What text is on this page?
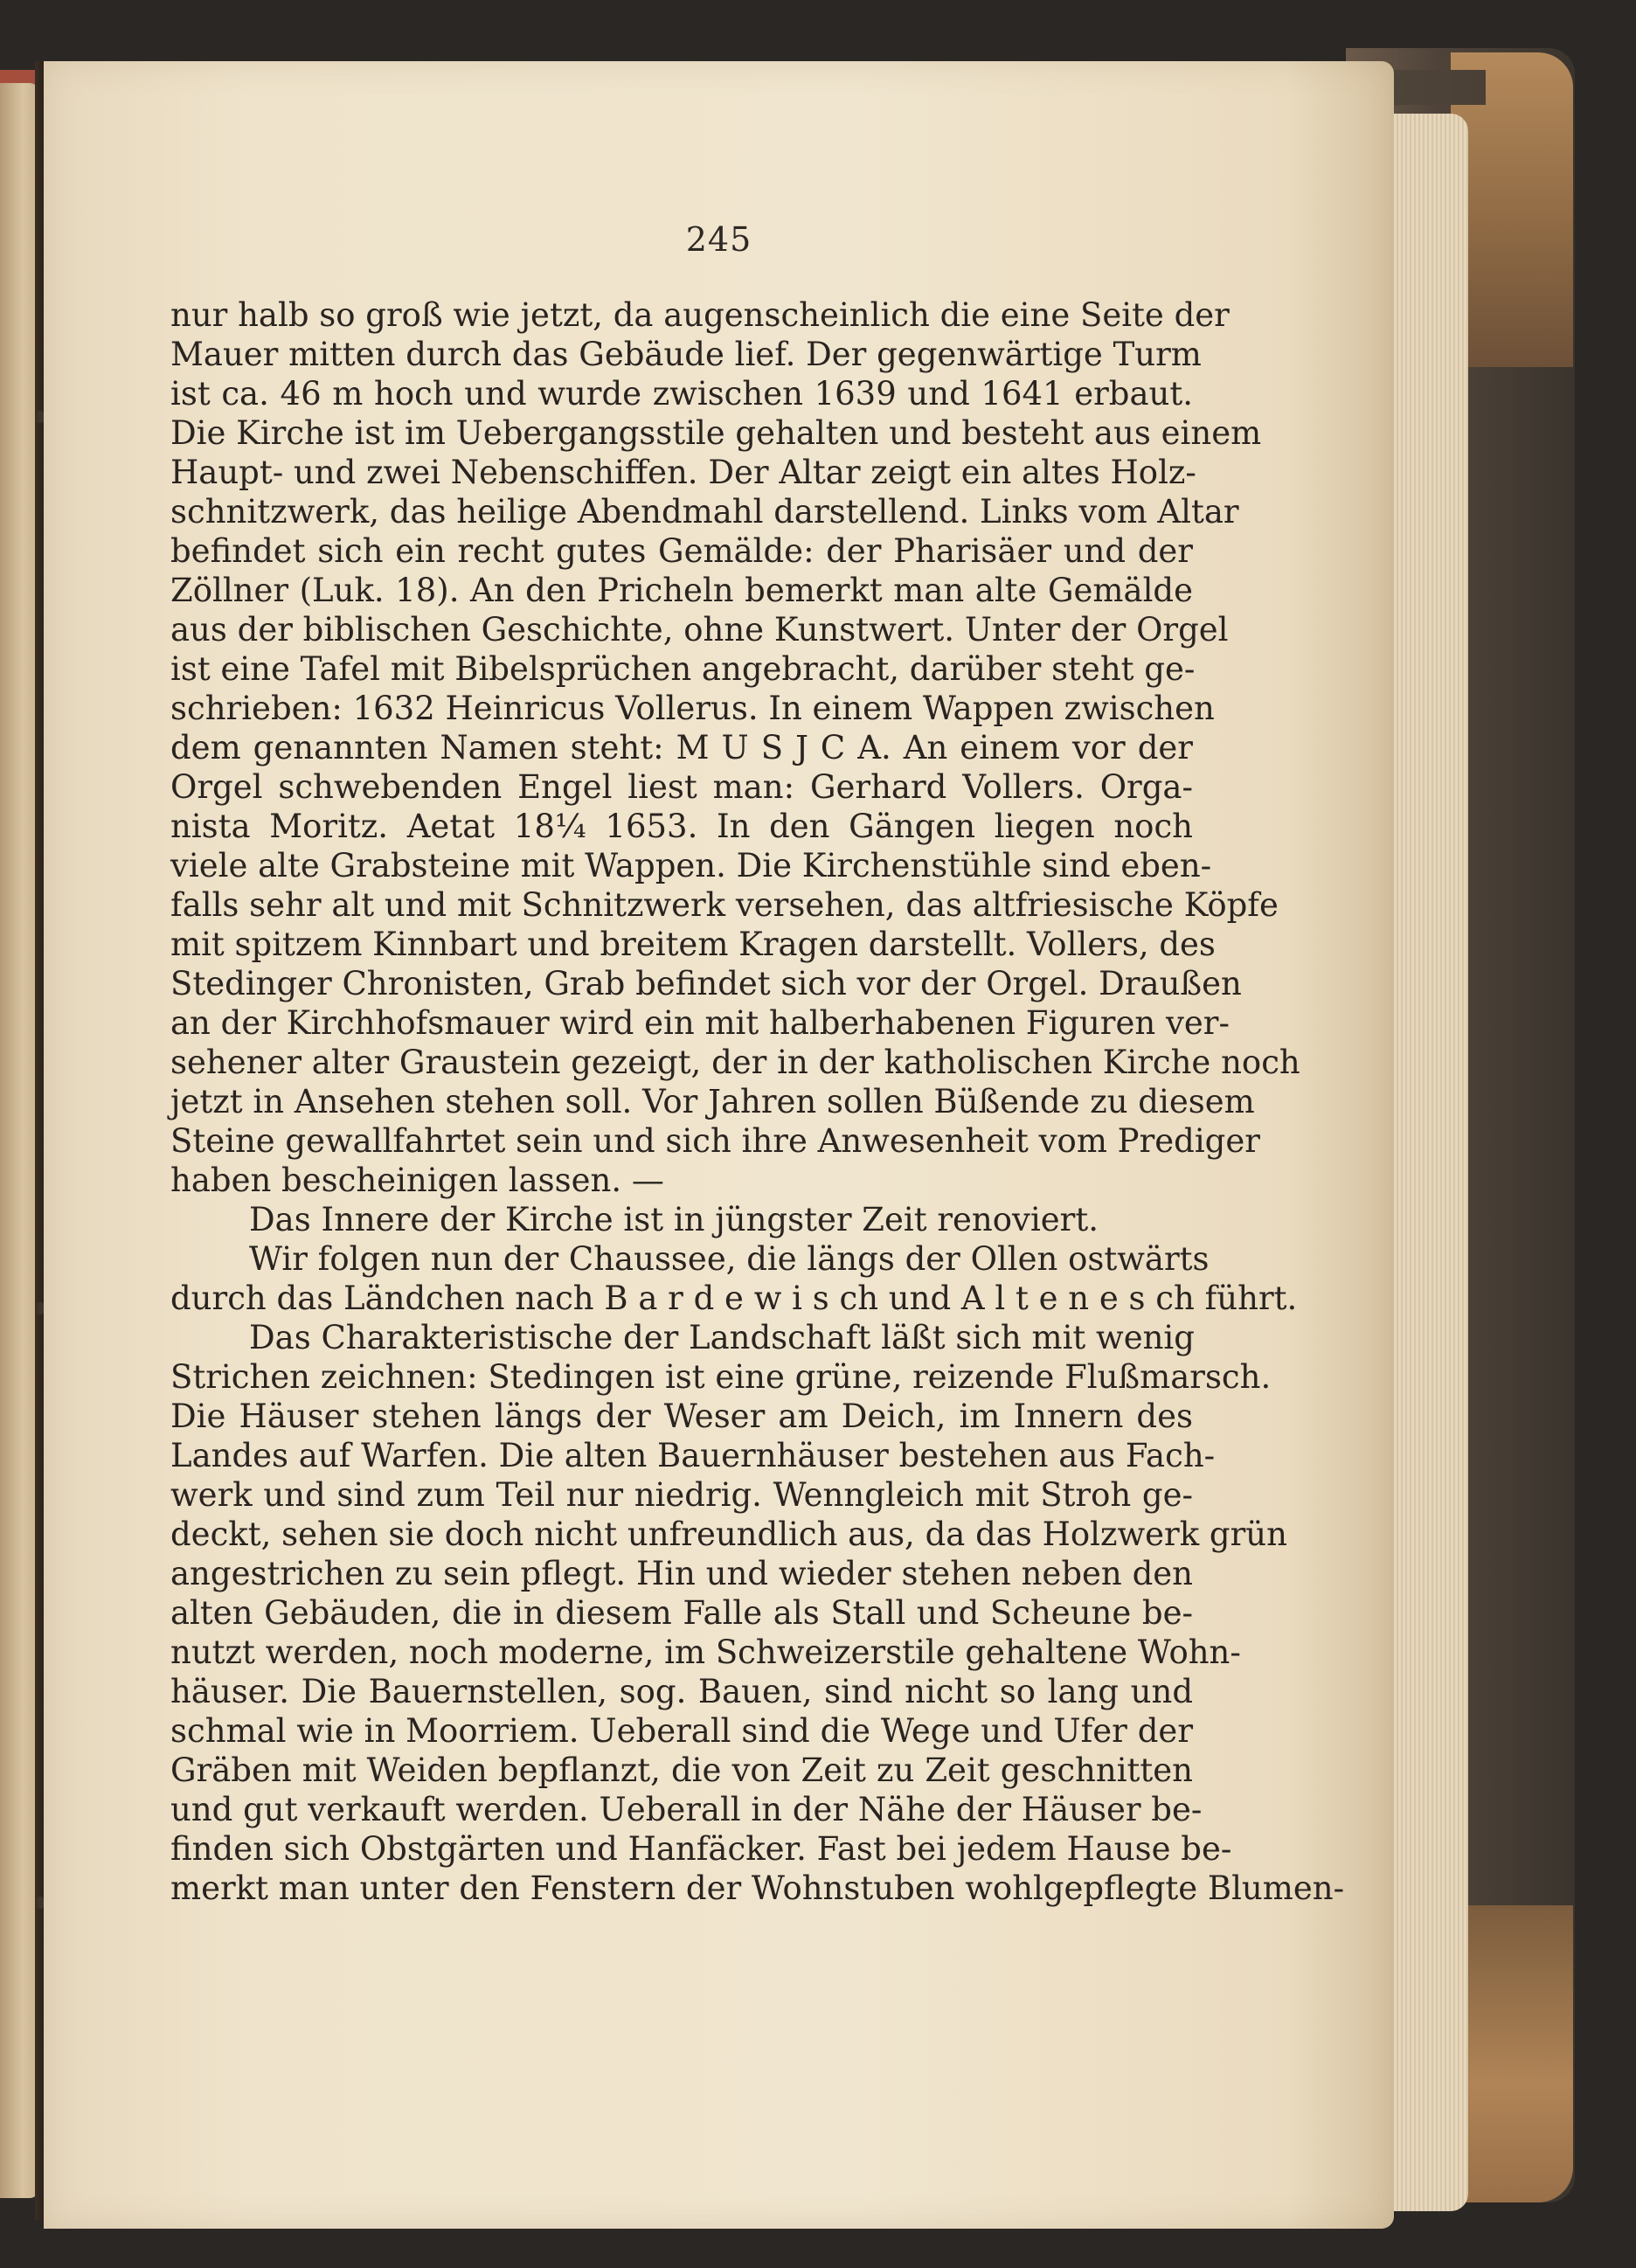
245
nur halb so groß wie jetzt, da augenscheinlich die eine Seite der
Mauer mitten durch das Gebäude lief. Der gegenwärtige Turm
ist ca. 46 m hoch und wurde zwischen 1639 und 1641 erbaut.
Die Kirche ist im Uebergangsstile gehalten und besteht aus einem
Haupt- und zwei Nebenschiffen. Der Altar zeigt ein altes Holz-
schnitzwerk, das heilige Abendmahl darstellend. Links vom Altar
befindet sich ein recht gutes Gemälde: der Pharisäer und der
Zöllner (Luk. 18). An den Pricheln bemerkt man alte Gemälde
aus der biblischen Geschichte, ohne Kunstwert. Unter der Orgel
ist eine Tafel mit Bibelsprüchen angebracht, darüber steht ge-
schrieben: 1632 Heinricus Vollerus. In einem Wappen zwischen
dem genannten Namen steht: M U S J C A. An einem vor der
Orgel schwebenden Engel liest man: Gerhard Vollers. Orga-
nista Moritz. Aetat 18¼ 1653. In den Gängen liegen noch
viele alte Grabsteine mit Wappen. Die Kirchenstühle sind eben-
falls sehr alt und mit Schnitzwerk versehen, das altfriesische Köpfe
mit spitzem Kinnbart und breitem Kragen darstellt. Vollers, des
Stedinger Chronisten, Grab befindet sich vor der Orgel. Draußen
an der Kirchhofsmauer wird ein mit halberhabenen Figuren ver-
sehener alter Graustein gezeigt, der in der katholischen Kirche noch
jetzt in Ansehen stehen soll. Vor Jahren sollen Büßende zu diesem
Steine gewallfahrtet sein und sich ihre Anwesenheit vom Prediger
haben bescheinigen lassen. —
Das Innere der Kirche ist in jüngster Zeit renoviert.
Wir folgen nun der Chaussee, die längs der Ollen ostwärts
durch das Ländchen nach B a r d e w i s ch und A l t e n e s ch führt.
Das Charakteristische der Landschaft läßt sich mit wenig
Strichen zeichnen: Stedingen ist eine grüne, reizende Flußmarsch.
Die Häuser stehen längs der Weser am Deich, im Innern des
Landes auf Warfen. Die alten Bauernhäuser bestehen aus Fach-
werk und sind zum Teil nur niedrig. Wenngleich mit Stroh ge-
deckt, sehen sie doch nicht unfreundlich aus, da das Holzwerk grün
angestrichen zu sein pflegt. Hin und wieder stehen neben den
alten Gebäuden, die in diesem Falle als Stall und Scheune be-
nutzt werden, noch moderne, im Schweizerstile gehaltene Wohn-
häuser. Die Bauernstellen, sog. Bauen, sind nicht so lang und
schmal wie in Moorriem. Ueberall sind die Wege und Ufer der
Gräben mit Weiden bepflanzt, die von Zeit zu Zeit geschnitten
und gut verkauft werden. Ueberall in der Nähe der Häuser be-
finden sich Obstgärten und Hanfäcker. Fast bei jedem Hause be-
merkt man unter den Fenstern der Wohnstuben wohlgepflegte Blumen-
